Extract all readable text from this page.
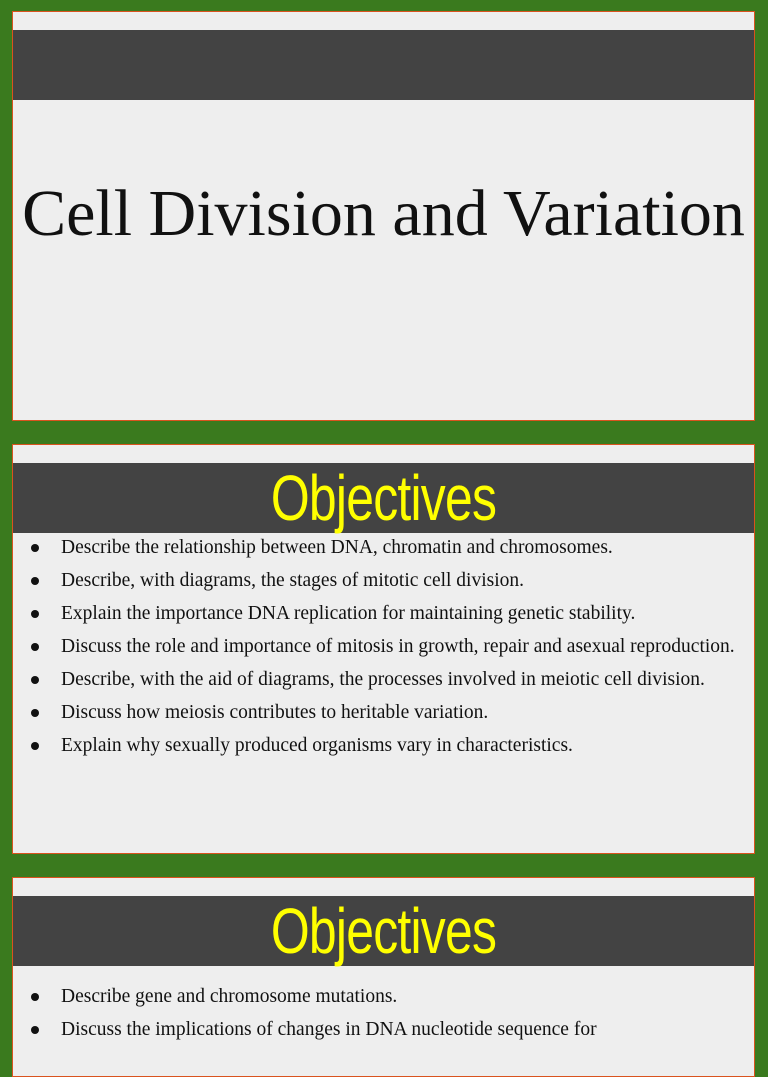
Cell Division and Variation
Objectives
Describe the relationship between DNA, chromatin and chromosomes.
Describe, with diagrams, the stages of mitotic cell division.
Explain the importance DNA replication for maintaining genetic stability.
Discuss the role and importance of mitosis in growth, repair and asexual reproduction.
Describe, with the aid of diagrams, the processes involved in meiotic cell division.
Discuss how meiosis contributes to heritable variation.
Explain why sexually produced organisms vary in characteristics.
Objectives
Describe gene and chromosome mutations.
Discuss the implications of changes in DNA nucleotide sequence for
